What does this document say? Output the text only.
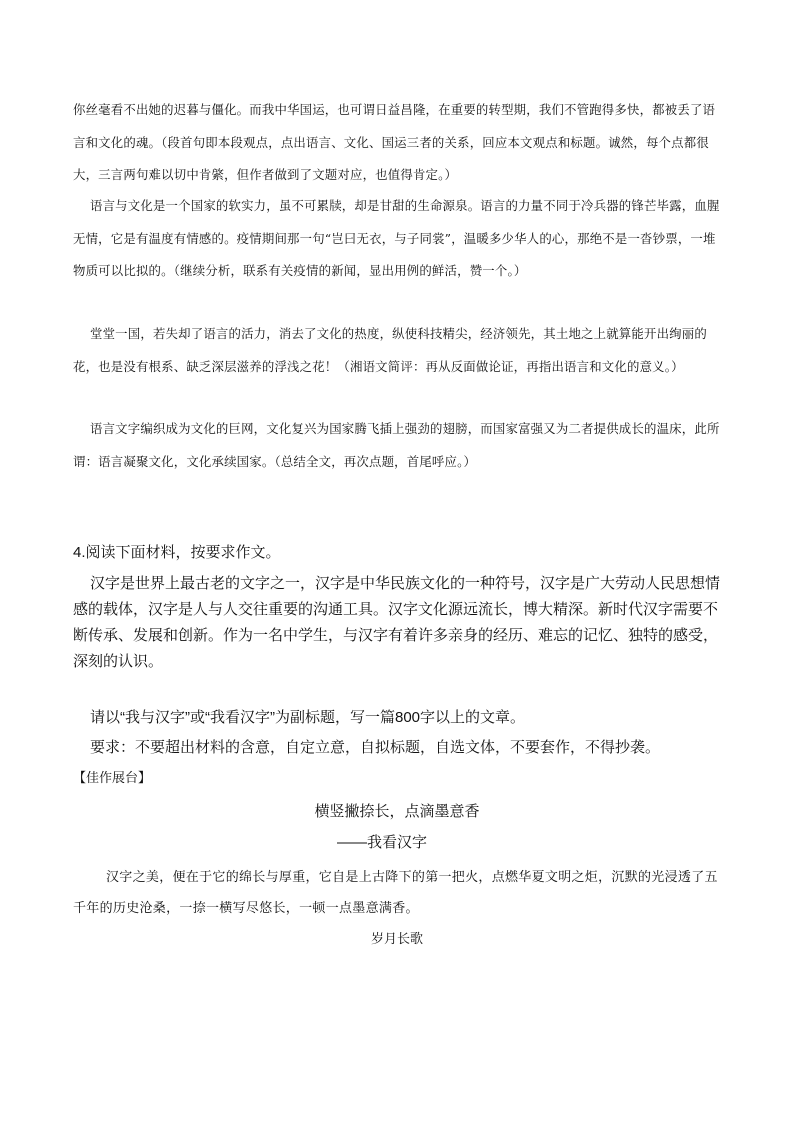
你丝毫看不出她的迟暮与僵化。而我中华国运，也可谓日益昌隆，在重要的转型期，我们不管跑得多快，都被丢了语言和文化的魂。（段首句即本段观点，点出语言、文化、国运三者的关系，回应本文观点和标题。诚然，每个点都很大，三言两句难以切中肯綮，但作者做到了文题对应，也值得肯定。）

语言与文化是一个国家的软实力，虽不可累牍，却是甘甜的生命源泉。语言的力量不同于冷兵器的锋芒毕露，血腥无情，它是有温度有情感的。疫情期间那一句“岂曰无衣，与子同裳”，温暖多少华人的心，那绝不是一沓钞票，一堆物质可以比拟的。（继续分析，联系有关疫情的新闻，显出用例的鲜活，赞一个。）

堂堂一国，若失却了语言的活力，消去了文化的热度，纵使科技精尖，经济领先，其土地之上就算能开出绚丽的花，也是没有根系、缺乏深层滋养的浮浅之花！（湘语文简评：再从反面做论证，再指出语言和文化的意义。）

语言文字编织成为文化的巨网，文化复兴为国家腾飞插上强劲的翅膀，而国家富强又为二者提供成长的温床，此所谓：语言凝聚文化，文化承续国家。（总结全文，再次点题，首尾呼应。）

4.阅读下面材料，按要求作文。
汉字是世界上最古老的文字之一，汉字是中华民族文化的一种符号，汉字是广大劳动人民思想情感的载体，汉字是人与人交往重要的沟通工具。汉字文化源远流长，博大精深。新时代汉字需要不断传承、发展和创新。作为一名中学生，与汉字有着许多亲身的经历、难忘的记忆、独特的感受，深刻的认识。
请以“我与汉字”或“我看汉字”为副标题，写一篇800字以上的文章。
要求：不要超出材料的含意，自定立意，自拟标题，自选文体，不要套作，不得抄袭。
【佳作展台】
横竖撇捺长，点滴墨意香
——我看汉字
汉字之美，便在于它的绵长与厚重，它自是上古降下的第一把火，点燃华夏文明之炬，沉默的光浸透了五千年的历史沧桑，一捺一横写尽悠长，一顿一点墨意满香。
岁月长歌
